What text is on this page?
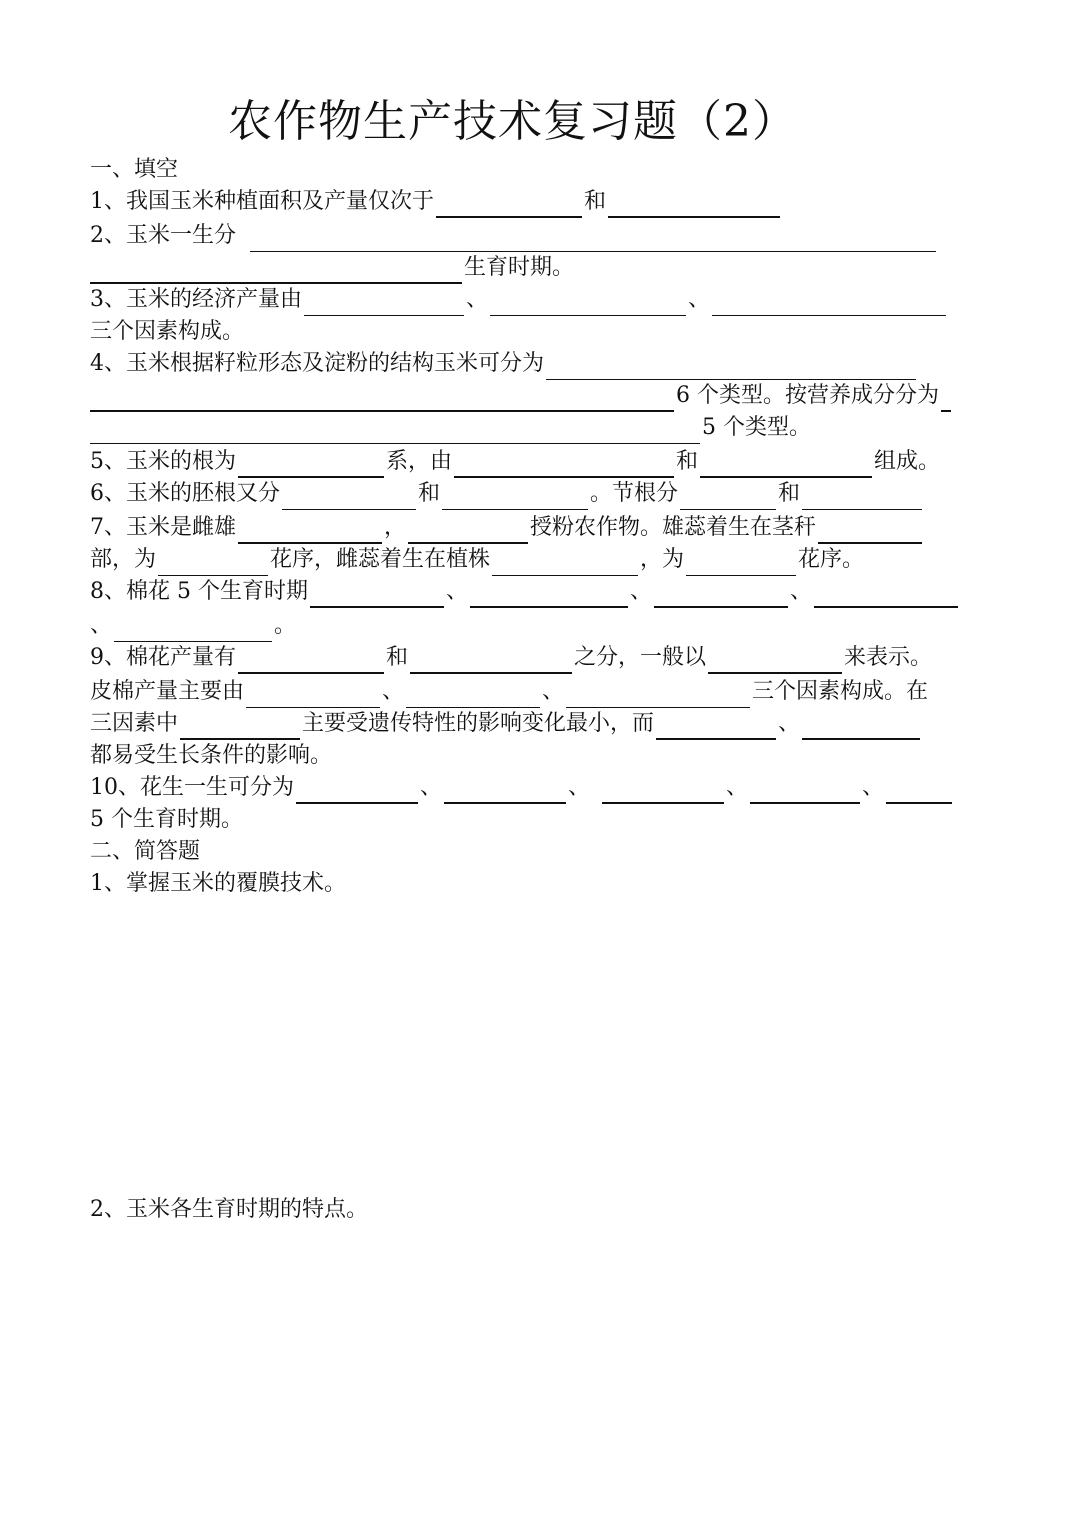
农作物生产技术复习题（2）
一、填空
1、我国玉米种植面积及产量仅次于	和
2、玉米一生分
生育时期。
3、玉米的经济产量由	、	、
三个因素构成。
4、玉米根据籽粒形态及淀粉的结构玉米可分为
6 个类型。按营养成分分为
5 个类型。
5、玉米的根为	系，由	和	组成。
6、玉米的胚根又分	和	。节根分	和
7、玉米是雌雄	，	授粉农作物。雄蕊着生在茎秆
部，为	花序，雌蕊着生在植株	，为	花序。
8、棉花 5 个生育时期	、	、	、
、	。
9、棉花产量有	和	之分，一般以	来表示。
皮棉产量主要由	、	、	三个因素构成。在
三因素中	主要受遗传特性的影响变化最小，而	、
都易受生长条件的影响。
10、花生一生可分为	、	、	、	、
5 个生育时期。
二、简答题
1、掌握玉米的覆膜技术。
2、玉米各生育时期的特点。
